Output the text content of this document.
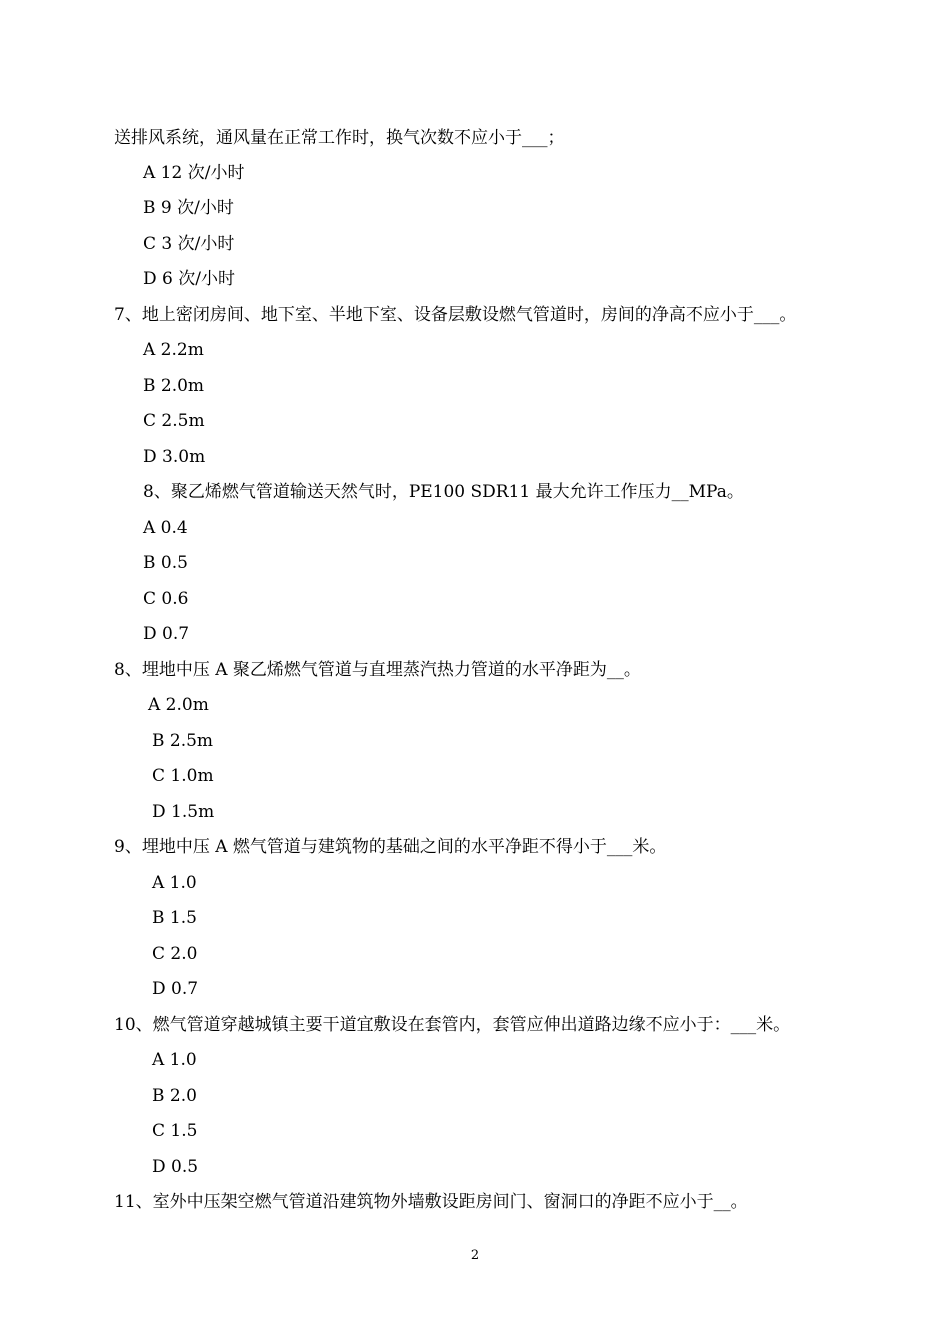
送排风系统，通风量在正常工作时，换气次数不应小于___；
A 12 次/小时
B 9 次/小时
C 3 次/小时
D 6 次/小时
7、地上密闭房间、地下室、半地下室、设备层敷设燃气管道时，房间的净高不应小于___。
A 2.2m
B 2.0m
C 2.5m
D 3.0m
8、聚乙烯燃气管道输送天然气时，PE100 SDR11 最大允许工作压力__MPa。
A 0.4
B 0.5
C 0.6
D 0.7
8、埋地中压 A 聚乙烯燃气管道与直埋蒸汽热力管道的水平净距为__。
A 2.0m
B 2.5m
C 1.0m
D 1.5m
9、埋地中压 A 燃气管道与建筑物的基础之间的水平净距不得小于___米。
A 1.0
B 1.5
C 2.0
D 0.7
10、燃气管道穿越城镇主要干道宜敷设在套管内，套管应伸出道路边缘不应小于：___米。
A 1.0
B 2.0
C 1.5
D 0.5
11、室外中压架空燃气管道沿建筑物外墙敷设距房间门、窗洞口的净距不应小于__。
2
